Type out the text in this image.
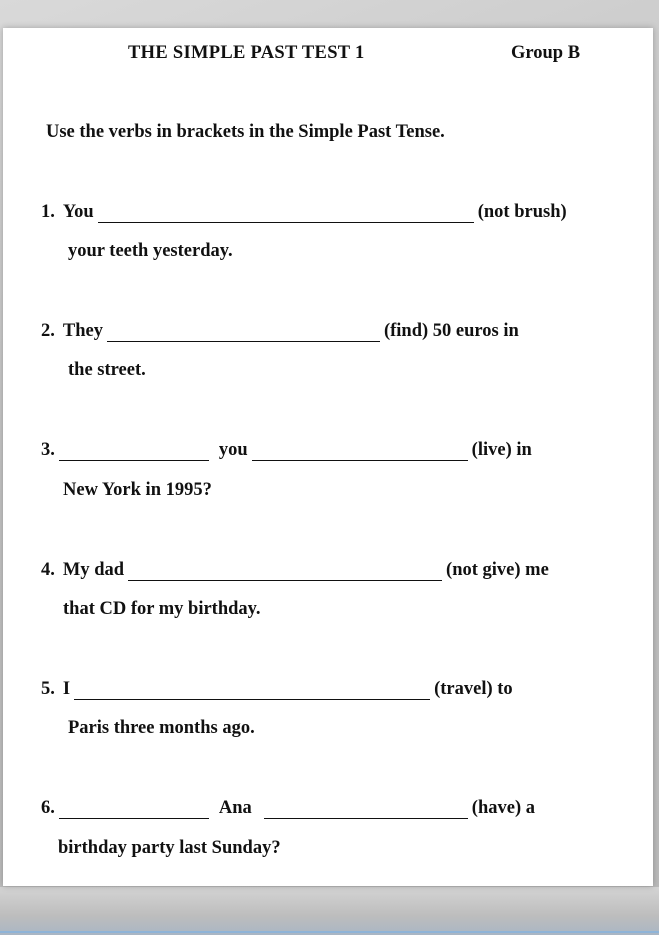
THE SIMPLE PAST TEST 1	Group B
Use the verbs in brackets in the Simple Past Tense.
1. You	(not brush)
your teeth yesterday.
2. They	(find) 50 euros in
the street.
3.	you	(live) in
New York in 1995?
4. My dad	(not give) me
that CD for my birthday.
5. I	(travel) to
Paris three months ago.
6.	Ana	(have) a
birthday party last Sunday?
